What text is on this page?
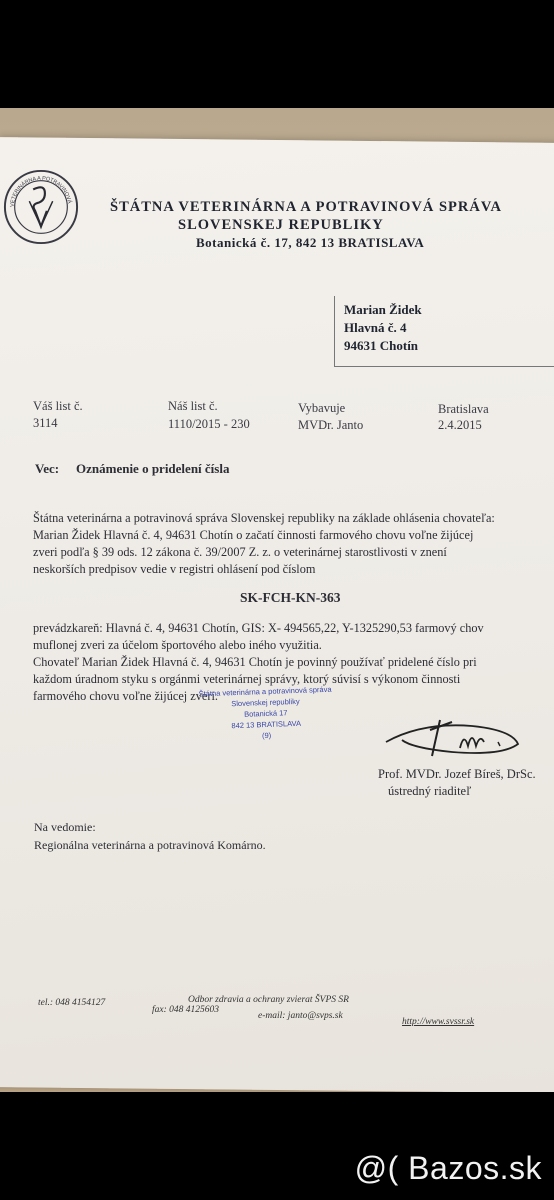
VETERINÁRNA A POTRAVINOVÁ	ŠTÁTNA VETERINÁRNA A POTRAVINOVÁ SPRÁVA
SLOVENSKEJ REPUBLIKY
Botanická č. 17, 842 13 BRATISLAVA
Marian Židek
Hlavná č. 4
94631 Chotín
Váš list č.	Náš list č.	Vybavuje	Bratislava
3114	1110/2015 - 230	MVDr. Janto	2.4.2015
Vec: Oznámenie o pridelení čísla
Štátna veterinárna a potravinová správa Slovenskej republiky na základe ohlásenia chovateľa:
Marian Židek Hlavná č. 4, 94631 Chotín o začatí činnosti farmového chovu voľne žijúcej
zveri podľa § 39 ods. 12 zákona č. 39/2007 Z. z. o veterinárnej starostlivosti v znení
neskorších predpisov vedie v registri ohlásení pod číslom
SK-FCH-KN-363
prevádzkareň: Hlavná č. 4, 94631 Chotín, GIS: X- 494565,22, Y-1325290,53 farmový chov
muflonej zveri za účelom športového alebo iného využitia.
Chovateľ Marian Židek Hlavná č. 4, 94631 Chotín je povinný používať pridelené číslo pri
každom úradnom styku s orgánmi veterinárnej správy, ktorý súvisí s výkonom činnosti
farmového chovu voľne žijúcej zveri.
Štátna veterinárna a potravinová správa
Slovenskej republiky
Botanická 17
842 13 BRATISLAVA
(9)
Prof. MVDr. Jozef Bíreš, DrSc.
ústredný riaditeľ
Na vedomie:
Regionálna veterinárna a potravinová Komárno.
Odbor zdravia a ochrany zvierat ŠVPS SR
tel.: 048 4154127
fax: 048 4125603
e-mail: janto@svps.sk
http://www.svssr.sk
@( Bazos.sk
